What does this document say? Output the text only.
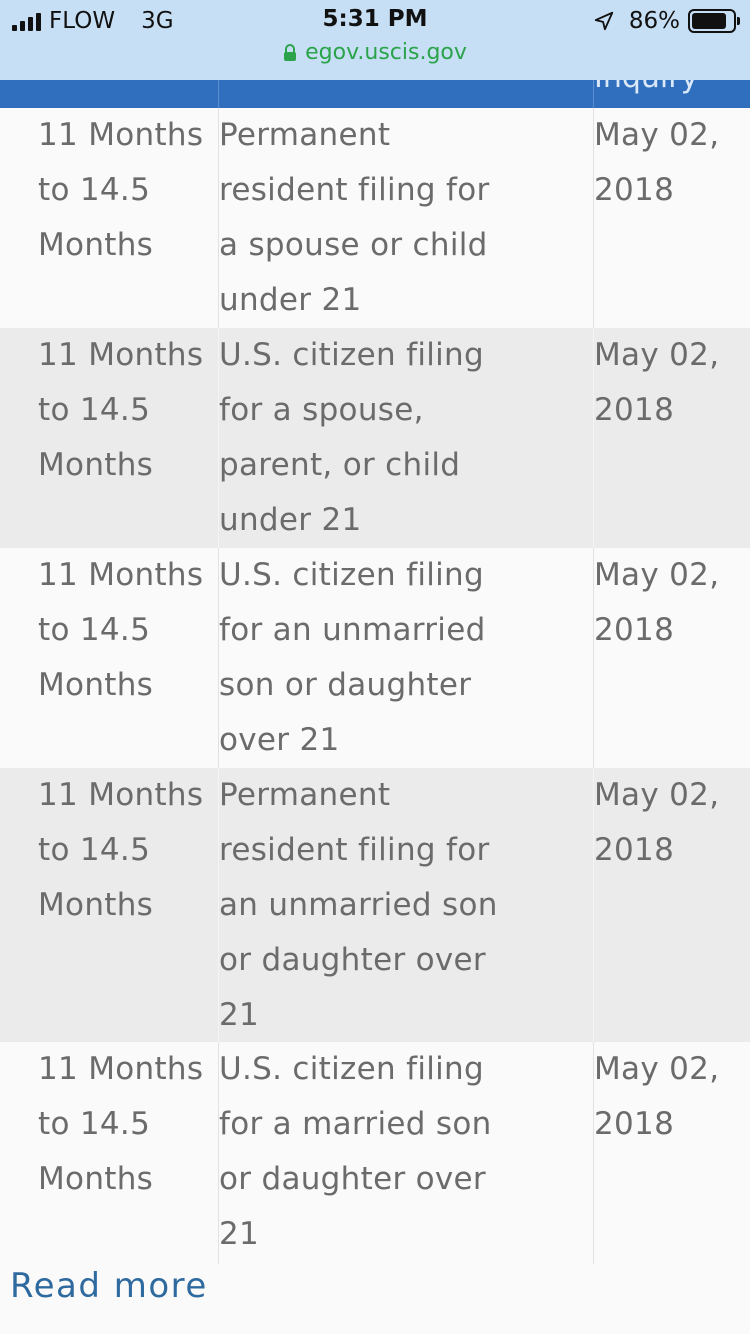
FLOW 3G	5:31 PM	86%
egov.uscis.gov
11 Months
to 14.5
Months
Permanent
resident filing for
a spouse or child
under 21
May 02,
2018
11 Months
to 14.5
Months
U.S. citizen filing
for a spouse,
parent, or child
under 21
May 02,
2018
11 Months
to 14.5
Months
U.S. citizen filing
for an unmarried
son or daughter
over 21
May 02,
2018
11 Months
to 14.5
Months
Permanent
resident filing for
an unmarried son
or daughter over
21
May 02,
2018
11 Months
to 14.5
Months
U.S. citizen filing
for a married son
or daughter over
21
May 02,
2018
Read more
